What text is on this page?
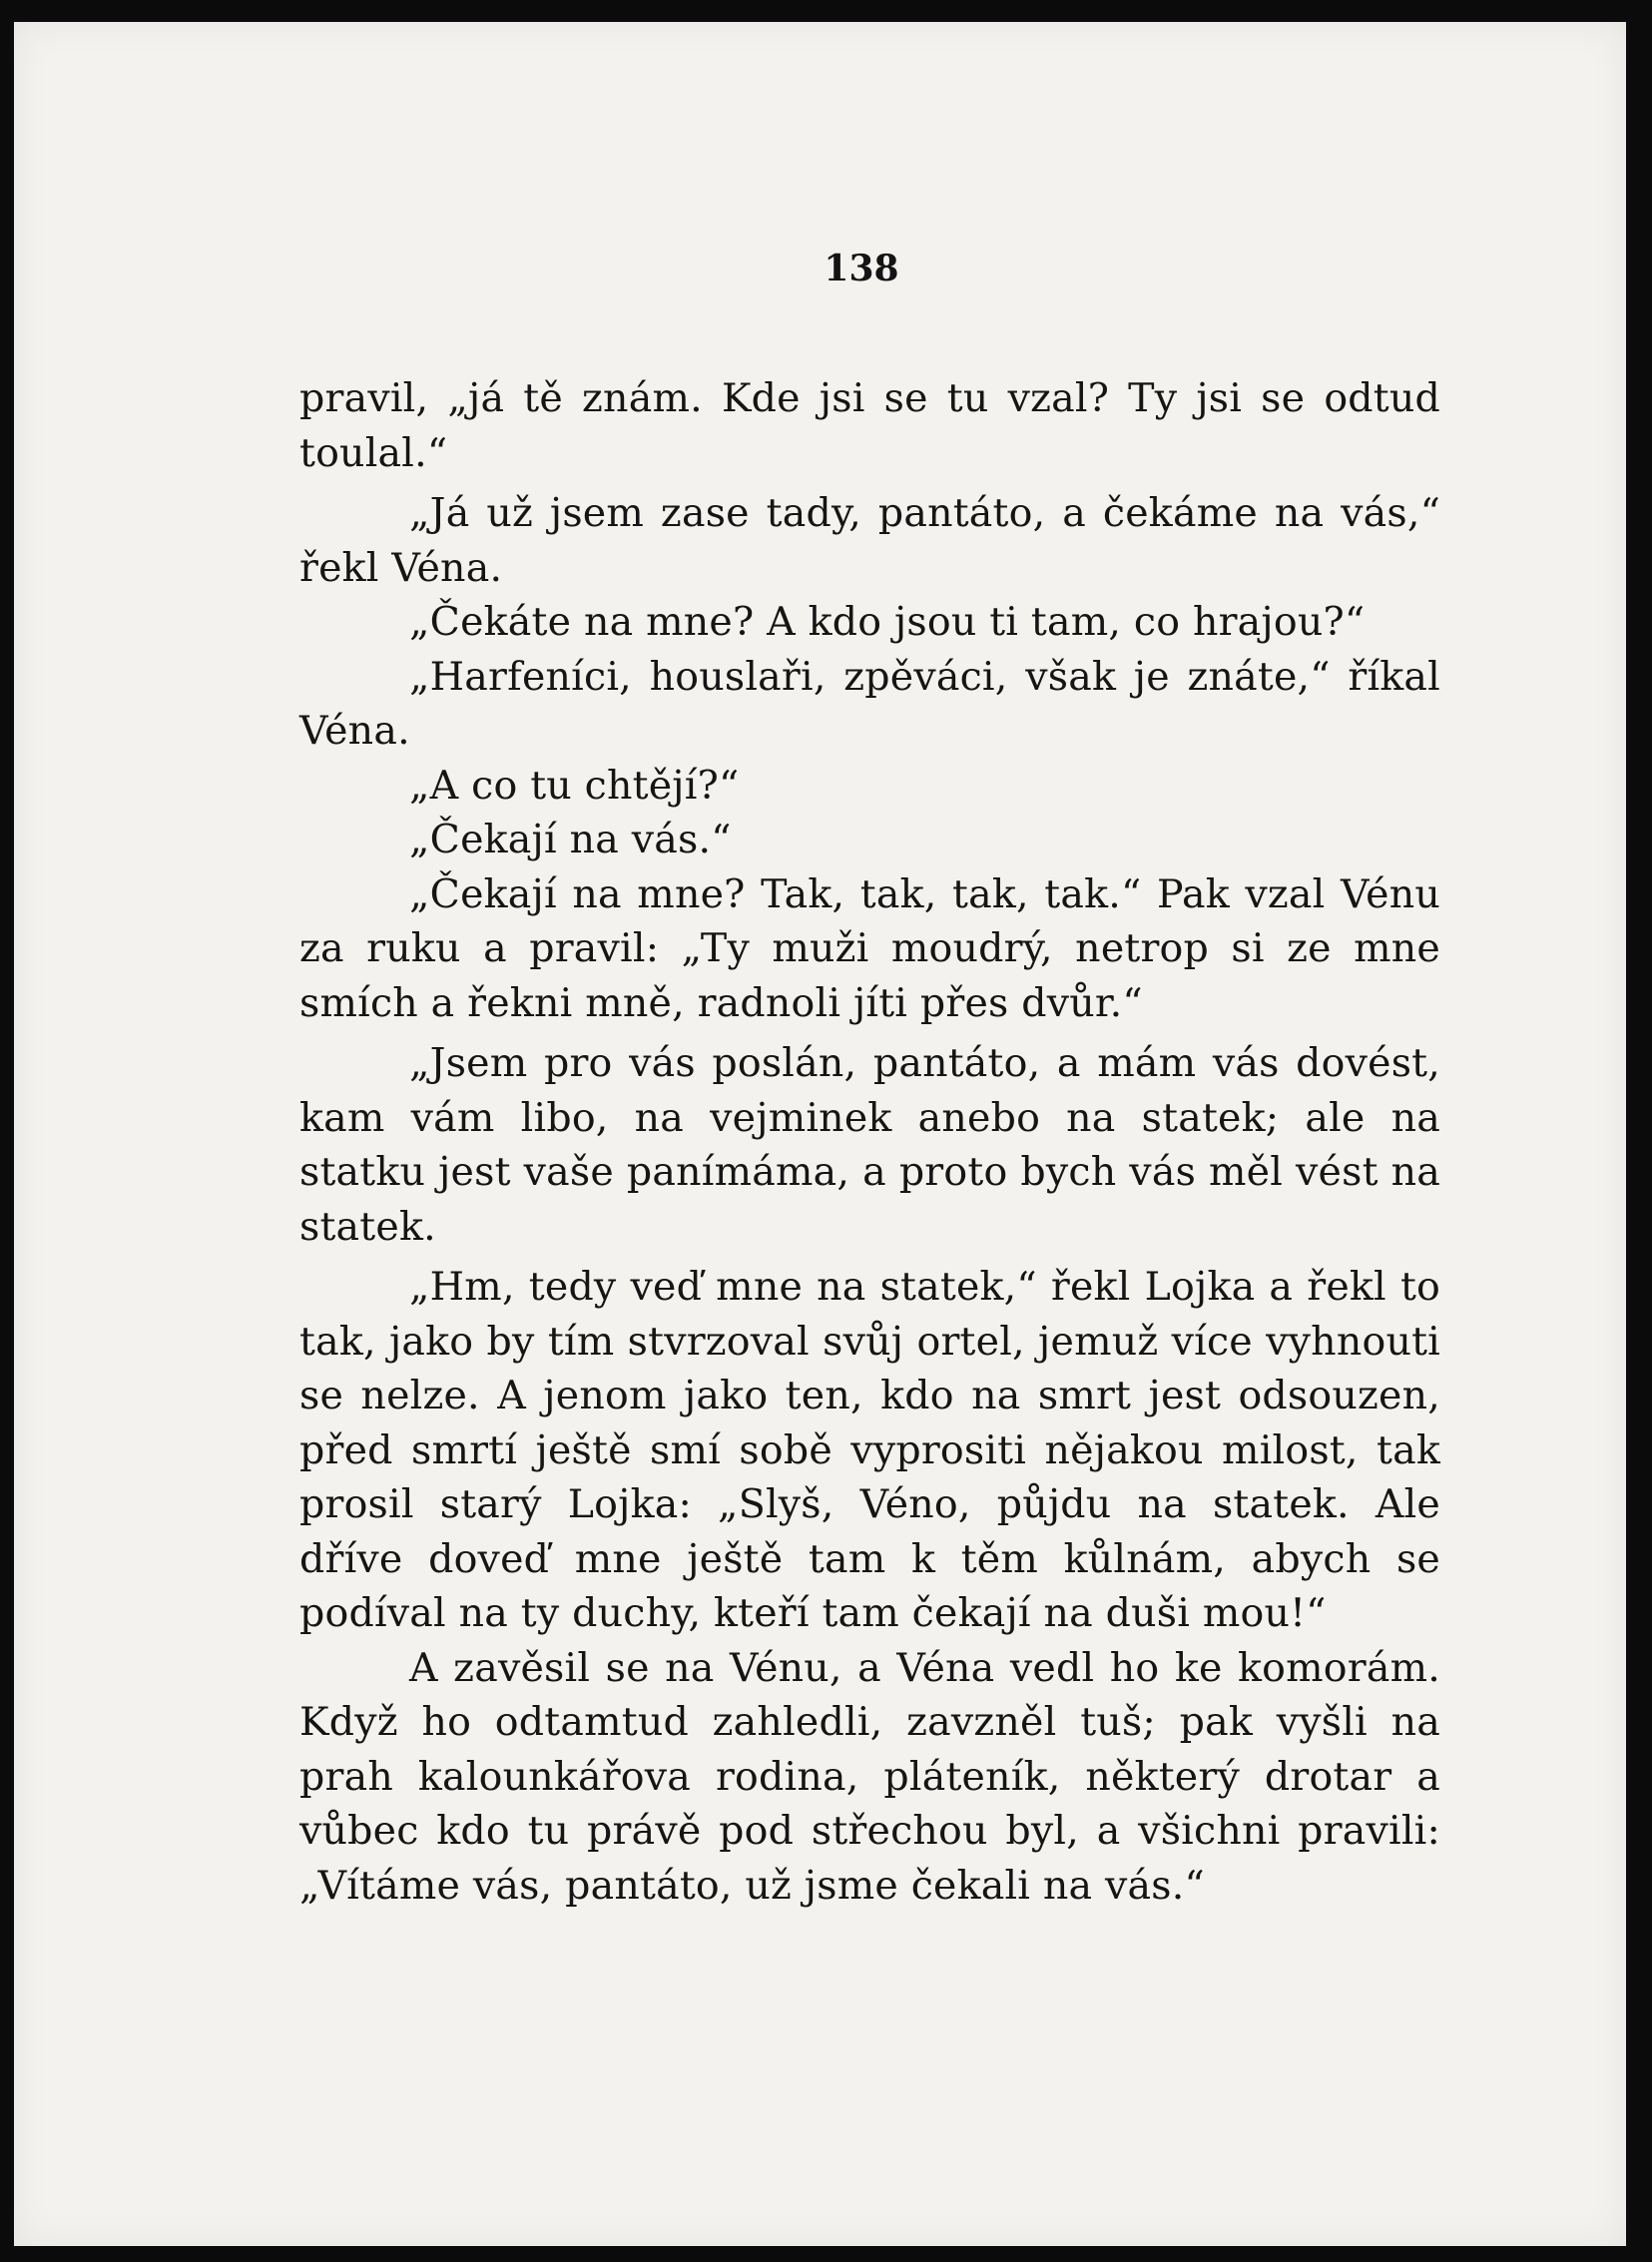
138

pravil, „já tě znám. Kde jsi se tu vzal? Ty jsi se odtud toulal.“

„Já už jsem zase tady, pantáto, a čekáme na vás,“ řekl Véna.

„Čekáte na mne? A kdo jsou ti tam, co hrajou?“

„Harfeníci, houslaři, zpěváci, však je znáte,“ říkal Véna.

„A co tu chtějí?“

„Čekají na vás.“

„Čekají na mne? Tak, tak, tak, tak.“ Pak vzal Vénu za ruku a pravil: „Ty muži moudrý, netrop si ze mne smích a řekni mně, radnoli jíti přes dvůr.“

„Jsem pro vás poslán, pantáto, a mám vás dovést, kam vám libo, na vejminek anebo na statek; ale na statku jest vaše panímáma, a proto bych vás měl vést na statek.

„Hm, tedy veď mne na statek,“ řekl Lojka a řekl to tak, jako by tím stvrzoval svůj ortel, jemuž více vyhnouti se nelze. A jenom jako ten, kdo na smrt jest odsouzen, před smrtí ještě smí sobě vyprositi nějakou milost, tak prosil starý Lojka: „Slyš, Véno, půjdu na statek. Ale dříve doveď mne ještě tam k těm kůlnám, abych se podíval na ty duchy, kteří tam čekají na duši mou!“

A zavěsil se na Vénu, a Véna vedl ho ke komorám. Když ho odtamtud zahledli, zavzněl tuš; pak vyšli na prah kalounkářova rodina, pláteník, některý drotar a vůbec kdo tu právě pod střechou byl, a všichni pravili: „Vítáme vás, pantáto, už jsme čekali na vás.“
